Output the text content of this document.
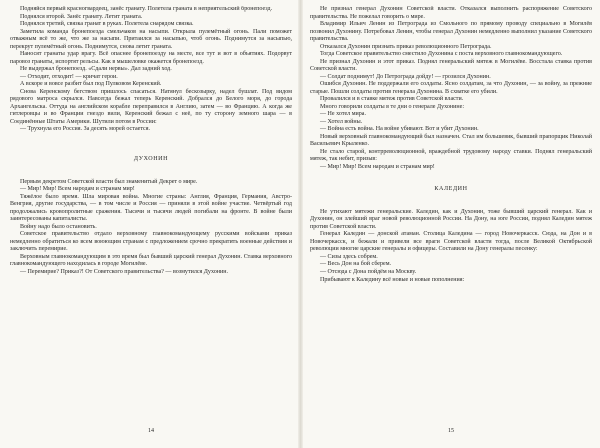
Подняйся первый красногвардеец, занёс гранату. Полетела граната в неприятельский бронепоезд.

Поднялся второй. Занёс гранату. Летит граната.

Поднялся третий, связка гранат в руках. Полетела снарядом связка.

Заметила команда бронепоезда смельчаков на насыпи. Открыла пулемётный огонь. Пали поможет отважным всё то же, что же за насыпи. Притаился за насыпью, чтоб огонь. Поднимутся за насыпью, перекрут пулемётный огонь. Поднимутся, снова летит граната.

Наносят гранаты удар врагу. Всё опаснее бронепоезду на месте, все тут и вот в объятиях. Подорвут паровоз гранаты, испортят рельсы. Как в мышеловке окажется бронепоезд.

Не выдержал бронепоезд. «Сдали нервы». Дал задний ход.

— Отходит, отходит! — кричат герои.

А вскоре и вовсе разбит был под Пулковом Керенский.

Снова Керенскому бегством пришлось спасаться. Натянул бескозырку, надел бушлат. Под видом рядового матроса скрылся. Навсегда бежал теперь Керенский. Добрался до Белого моря, до города Архангельска. Оттуда на английском корабле переправился в Англию, затем — во Францию. А когда же гитлеровцы и во Франции гнездо вили, Керенский бежал с неё, по ту сторону земного шара — в Соединённые Штаты Америки. Шутили потом в России:

— Трухнула его Россия. За десять морей остается.

ДУХОНИН

Первым декретом Советской власти был знаменитый Декрет о мире.

— Мир! Мир! Всем народам и странам мир!

Тяжёлое было время. Шла мировая война. Многие страны: Англия, Франция, Германия, Австро-Венгрия, другие государства, — в том числе и Россия — приняли в этой войне участие. Четвёртый год продолжались кровопролитные сражения. Тысячи и тысячи людей погибали на фронте. В войне были заинтересованы капиталисты.

Войну надо было остановить.

Советское правительство отдало верховному главнокомандующему русскими войсками приказ немедленно обратиться ко всем воюющим странам с предложением срочно прекратить военные действия и заключить перемирие.

Верховным главнокомандующим в это время был бывший царский генерал Духонин. Ставка верховного главнокомандующего находилась в городе Могилёве.

— Перемирие? Приказ?! От Советского правительства? — возмутился Духонин.

Не признал генерал Духонин Советской власти. Отказался выполнить распоряжение Советского правительства. Не пожелал говорить о мире.

Владимир Ильич Ленин из Петрограда из Смольного по прямому проводу специально в Могилёв позвонил Духонину. Потребовал Ленин, чтобы генерал Духонин немедленно выполнил указание Советского правительства.

Отказался Духонин признать приказ революционного Петрограда.

Тогда Советское правительство сместило Духонина с поста верховного главнокомандующего.

Не признал Духонин и этот приказ. Поднял генеральский мятеж в Могилёве. Восстала ставка против Советской власти.

— Солдат поднимут! До Петрограда дойду! — грозился Духонин.

Ошибся Духонин. Не поддержали его солдаты. Ясно солдатам, за что Духонин, — за войну, за прежние старые. Пошли солдаты против генерала Духонина. В схватке его убили.

Провалился и в ставке мятеж против Советской власти.

Много говорили солдаты в те дни о генерале Духонине:

— Не хотел мира.

— Хотел войны.

— Война есть война. На войне убивают. Вот и убит Духонин.

Новый верховный главнокомандующий был назначен. Стал им большевик, бывший прапорщик Николай Васильевич Крыленко.

Не стало старой, контрреволюционной, враждебной трудовому народу ставки. Поднял генеральский мятеж, так небит, призыв:

— Мир! Мир! Всем народам и странам мир!

КАЛЕДИН

Не утихают мятежи генеральские. Каледин, как и Духонин, тоже бывший царский генерал. Как и Духонин, он злейший враг новой революционной России. На Дону, на юге России, поднял Каледин мятеж против Советской власти.

Генерал Каледин — донской атаман. Столица Каледина — город Новочеркасск. Сюда, на Дон и в Новочеркасск, и бежали и привели все враги Советской власти тогда, после Великой Октябрьской революции многие царские генералы и офицеры. Составили на Дону генералы песенку:

— Сизы здесь собрем.

— Весь Дон на бой сберем.

— Отсюда с Дона пойдём на Москву.

Прибывают к Каледину всё новые и новые пополнения:

14	15
